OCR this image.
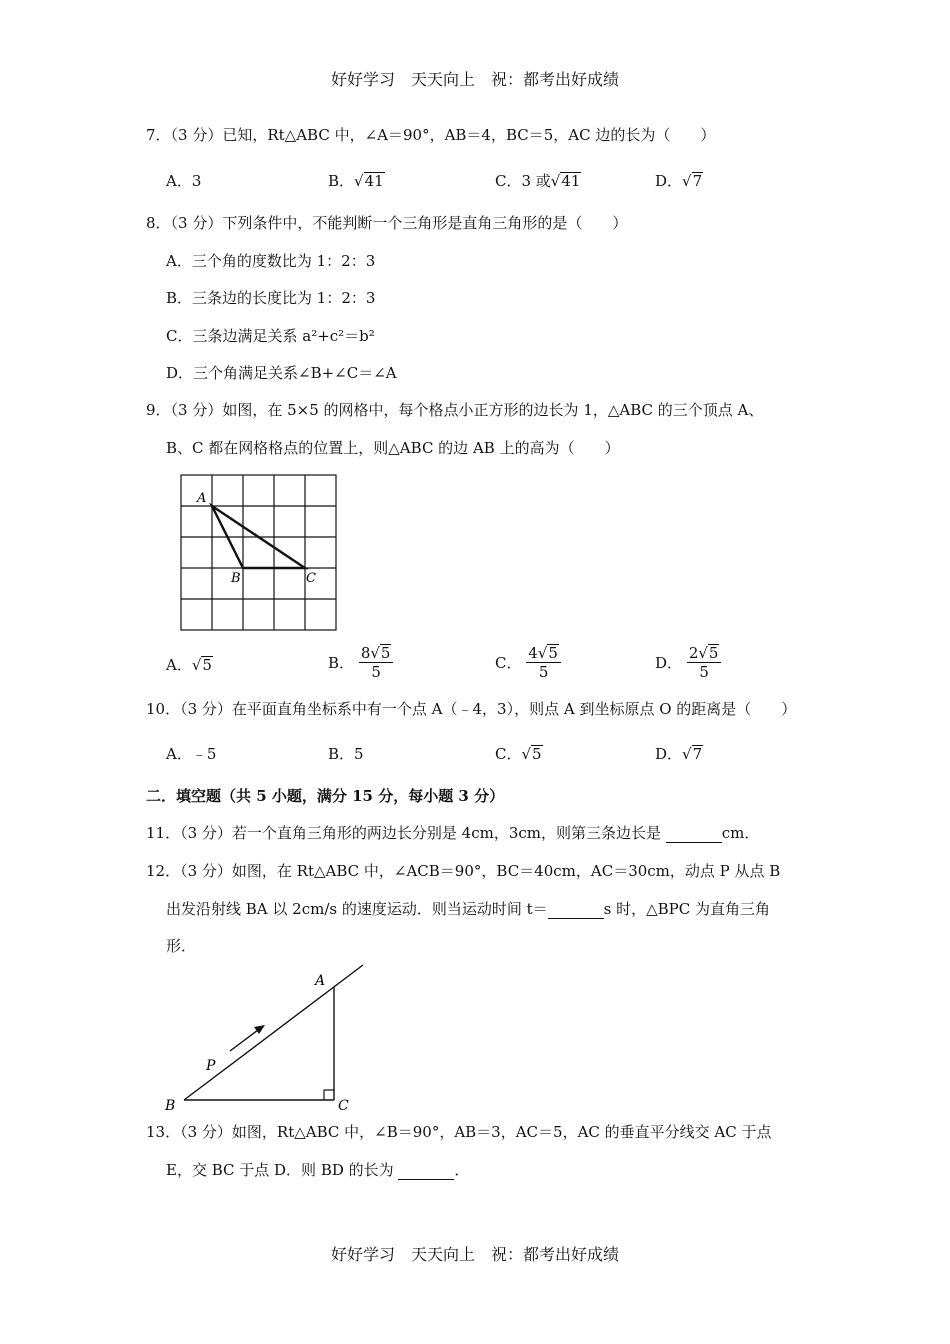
好好学习　天天向上　祝：都考出好成绩
7．（3 分）已知，Rt△ABC 中，∠A＝90°，AB＝4，BC＝5，AC 边的长为（　　）
A．3	B．√41	C．3 或√41	D．√7
8．（3 分）下列条件中，不能判断一个三角形是直角三角形的是（　　）
A．三个角的度数比为 1：2：3
B．三条边的长度比为 1：2：3
C．三条边满足关系 a²+c²＝b²
D．三个角满足关系∠B+∠C＝∠A
9．（3 分）如图，在 5×5 的网格中，每个格点小正方形的边长为 1，△ABC 的三个顶点 A、
B、C 都在网格格点的位置上，则△ABC 的边 AB 上的高为（　　）
A
B	C
A．√5	B． $\frac{8√5}{5}$	C． $\frac{4√5}{5}$	D． $\frac{2√5}{5}$
10．（3 分）在平面直角坐标系中有一个点 A（﹣4，3），则点 A 到坐标原点 O 的距离是（　　）
A．﹣5	B．5	C．√5	D．√7
二．填空题（共 5 小题，满分 15 分，每小题 3 分）
11．（3 分）若一个直角三角形的两边长分别是 4cm，3cm，则第三条边长是	cm．
12．（3 分）如图，在 Rt△ABC 中，∠ACB＝90°，BC＝40cm，AC＝30cm，动点 P 从点 B
出发沿射线 BA 以 2cm/s 的速度运动．则当运动时间 t＝	s 时，△BPC 为直角三角
形．
A
B	C
P
13．（3 分）如图，Rt△ABC 中，∠B＝90°，AB＝3，AC＝5，AC 的垂直平分线交 AC 于点
E，交 BC 于点 D．则 BD 的长为	．
好好学习　天天向上　祝：都考出好成绩
